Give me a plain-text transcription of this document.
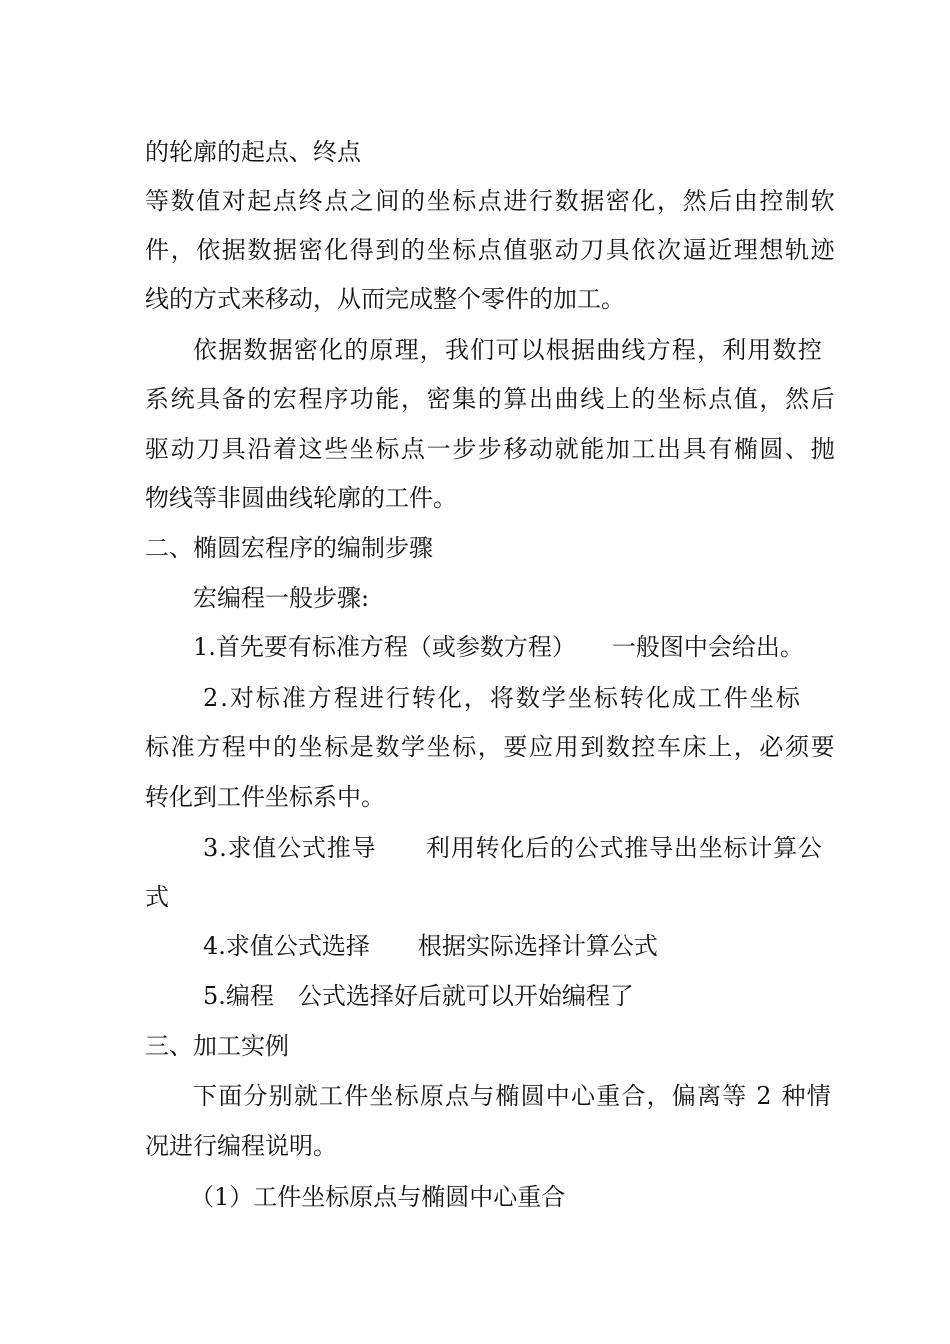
的轮廓的起点、终点
等数值对起点终点之间的坐标点进行数据密化，然后由控制软
件，依据数据密化得到的坐标点值驱动刀具依次逼近理想轨迹
线的方式来移动，从而完成整个零件的加工。
依据数据密化的原理，我们可以根据曲线方程，利用数控
系统具备的宏程序功能，密集的算出曲线上的坐标点值，然后
驱动刀具沿着这些坐标点一步步移动就能加工出具有椭圆、抛
物线等非圆曲线轮廓的工件。
二、椭圆宏程序的编制步骤
宏编程一般步骤:
1.首先要有标准方程（或参数方程）　　一般图中会给出。
2.对标准方程进行转化，将数学坐标转化成工件坐标
标准方程中的坐标是数学坐标，要应用到数控车床上，必须要
转化到工件坐标系中。
3.求值公式推导　　利用转化后的公式推导出坐标计算公
式
4.求值公式选择　　根据实际选择计算公式
5.编程　公式选择好后就可以开始编程了
三、加工实例
下面分别就工件坐标原点与椭圆中心重合，偏离等 2 种情
况进行编程说明。
（1）工件坐标原点与椭圆中心重合
